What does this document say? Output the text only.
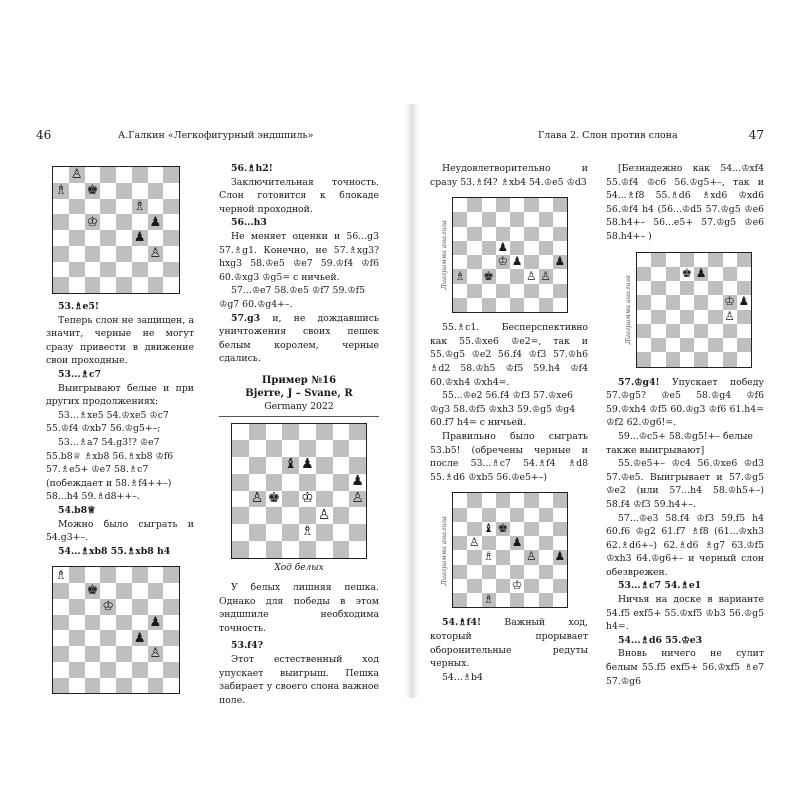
46	А.Галкин «Легкофигурный эндшпиль»
♙
♗ ♚
♗
♔	♟
♟
♙

53.♗e5!

Теперь слон не защищен, а значит, черные не могут сразу привести в движение свои проходные.

53...♗c7

Выигрывают белые и при других продолжениях:

53...♗xe5 54.♔xe5 ♔c7 55.♔f4 ♔xb7 56.♔g5+–;

53...♗a7 54.g3!? ♔e7 55.b8♕ ♗xb8 56.♗xb8 ♔f6 57.♗e5+ ♔e7 58.♗c7 (побеждает и 58.♗f4++–) 58...h4 59.♗d8++–.

54.b8♕

Можно было сыграть и 54.g3+–.

54...♗xb8 55.♗xb8 h4

♗
♚
♔
♟
♟
♙

56.♗h2!

Заключительная точность. Слон готовится к блокаде черной проходной.

56...h3

Не меняет оценки и 56...g3 57.♗g1. Конечно, не 57.♗xg3? hxg3 58.♔e5 ♔e7 59.♔f4 ♔f6 60.♔xg3 ♔g5= с ничьей.

57...♔e7 58.♔e5 ♔f7 59.♔f5 ♔g7 60.♔g4+–.

57.g3 и, не дождавшись уничтожения своих пешек белым королем, черные сдались.

Пример №16

Bjerre, J – Svane, R

Germany 2022

♝ ♟
♟
♙ ♚ ♔	♙
♙
♗

Ход белых

У белых лишняя пешка. Однако для победы в этом эндшпиле необходима точность.

53.f4?

Этот естественный ход упускает выигрыш. Пешка забирает у своего слона важное поле.

Глава 2. Слон против слона	47

Неудовлетворительно и сразу 53.♗f4? ♗xb4 54.♔e5 ♔d3

Диаграмма анализа	♟
♔ ♟	♟
♗ ♚	♙ ♙

55.♗c1. Бесперспективно как 55.♔xe6 ♔e2=, так и 55.♔g5 ♔e2 56.f4 ♔f3 57.♔h6 ♗d2 58.♔h5 ♔f5 59.h4 ♔f4 60.♔xh4 ♔xh4=.

55...♔e2 56.f4 ♔f3 57.♔xe6 ♔g3 58.♔f5 ♔xh3 59.♔g5 ♔g4 60.f7 h4= с ничьей.

Правильно было сыграть 53.b5! (обречены черные и после 53...♗c7 54.♗f4 ♗d8 55.♗d6 ♔xb5 56.♔e5+–)

Диаграмма анализа	♝ ♚
♙	♟
♗	♙ ♟
♔
♗

54.♗f4!	Важный ход, который прорывает оборонительные редуты черных.

54...♗b4

[Безнадежно как 54...♔xf4 55.♔f4 ♔c6 56.♔g5+–, так и 54...♗f8 55.♗d6 ♗xd6 ♔xd6 56.♔f4 h4 (56...♔d5 57.♔g5 ♔e6 58.h4+– 56...e5+ 57.♔g5 ♔e6 58.h4+– )

Диаграмма анализа
♚ ♟
♔ ♟
♙

57.♔g4! Упускает победу 57.♔g5? ♔e5 58.♔g4 ♔f6 59.♔xh4 ♔f5 60.♔g3 ♔f6 61.h4= ♔f2 62.♔g6!=.

59...♔c5+ 58.♔g5!+– белые также выигрывают]

55.♔e5+– ♔c4 56.♔xe6 ♔d3 57.♔e5. Выигрывает и 57.♔g5 ♔e2 (или 57...h4 58.♔h5+–) 58.f4 ♔f3 59.h4+–.

57...♔e3 58.f4 ♔f3 59.f5 h4 60.f6 ♔g2 61.f7 ♗f8 (61...♔xh3 62.♗d6+–) 62.♗d6 ♗g7 63.♔f5 ♔xh3 64.♔g6+– и черный слон обезврежен.

53...♗c7 54.♗e1

Ничья на доске в варианте 54.f5 exf5+ 55.♔xf5 ♔b3 56.♔g5 h4=.

54...♗d6 55.♔e3

Вновь ничего не сулит белым 55.f5 exf5+ 56.♔xf5 ♗e7 57.♔g6
